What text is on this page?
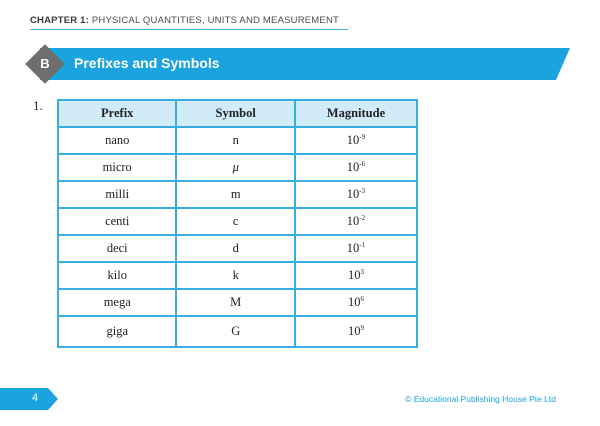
CHAPTER 1: PHYSICAL QUANTITIES, UNITS AND MEASUREMENT
B	Prefixes and Symbols
1.	Prefix	Symbol	Magnitude
nano	n	$10^{-9}$
micro	μ	$10^{-6}$
milli	m	$10^{-3}$
centi	c	$10^{-2}$
deci	d	$10^{-1}$
kilo	k	$10^3$
mega	M	$10^6$
giga	G	$10^9$
4	© Educational Publishing House Pte Ltd
